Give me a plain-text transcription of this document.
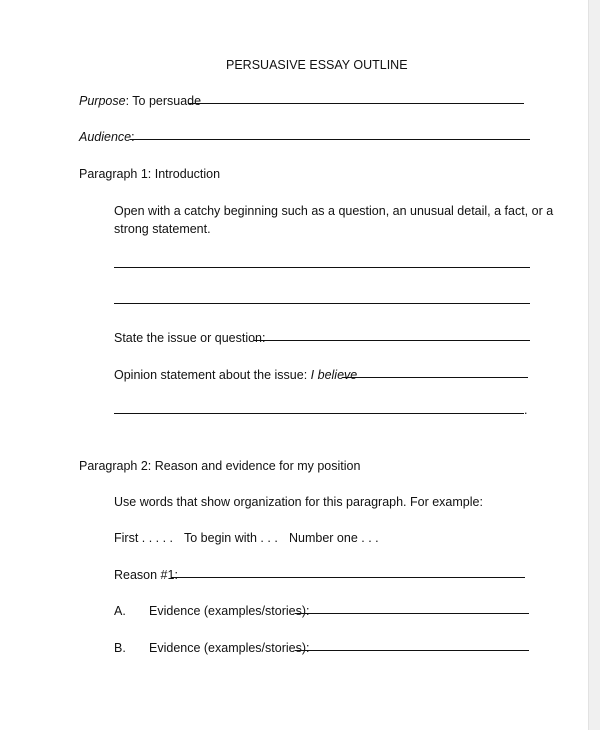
PERSUASIVE ESSAY OUTLINE
Purpose: To persuade
Audience:
Paragraph 1: Introduction
Open with a catchy beginning such as a question, an unusual detail, a fact, or a
strong statement.
State the issue or question:
Opinion statement about the issue: I believe
.
Paragraph 2: Reason and evidence for my position
Use words that show organization for this paragraph. For example:
First . . . . . To begin with . . . Number one . . .
Reason #1:
A. Evidence (examples/stories):
B. Evidence (examples/stories):
